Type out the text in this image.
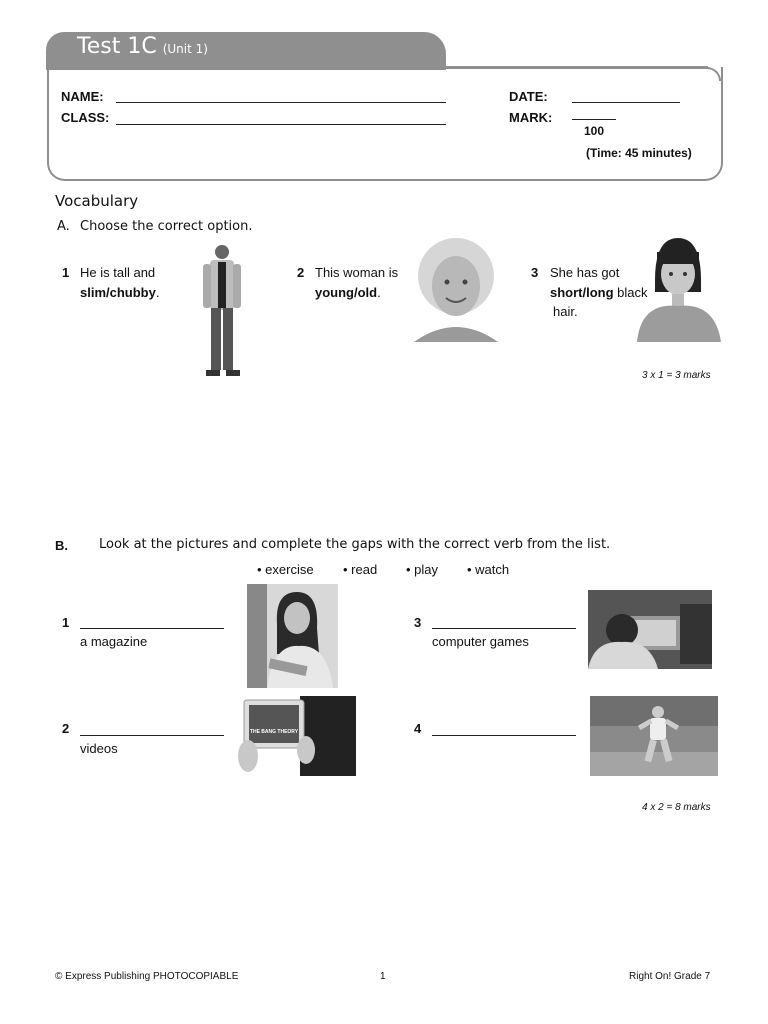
Test 1C (Unit 1)
NAME:
CLASS:
DATE:
MARK:
100
(Time: 45 minutes)
Vocabulary
A. Choose the correct option.
1 He is tall and
slim/chubby.
2 This woman is
young/old.
3 She has got
short/long black
hair.
3 x 1 = 3 marks
B. Look at the pictures and complete the gaps with the correct verb from the list.
• exercise • read • play • watch
1
a magazine
2
videos
THE BANG THEORY
3
computer games
4
4 x 2 = 8 marks
© Express Publishing PHOTOCOPIABLE	1	Right On! Grade 7
